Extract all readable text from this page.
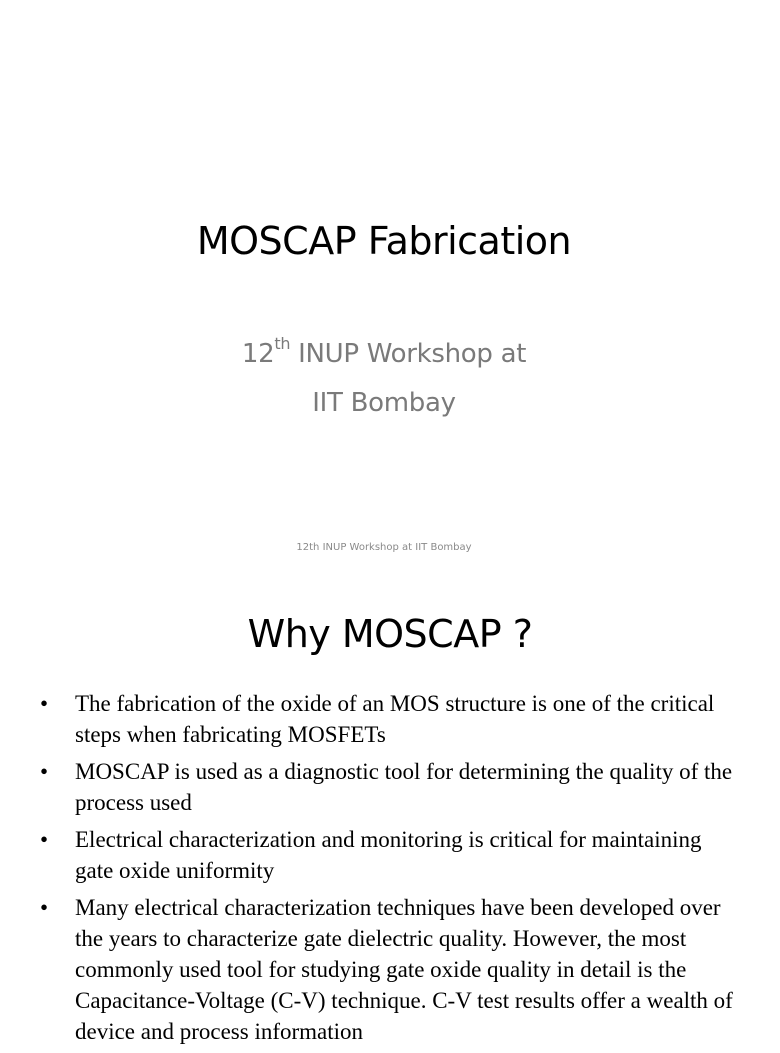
MOSCAP Fabrication
12th INUP Workshop at
IIT Bombay
12th INUP Workshop at IIT Bombay
Why MOSCAP ?
•	The fabrication of the oxide of an MOS structure is one of the critical steps when fabricating MOSFETs
•	MOSCAP is used as a diagnostic tool for determining the quality of the process used
•	Electrical characterization and monitoring is critical for maintaining gate oxide uniformity
•	Many electrical characterization techniques have been developed over the years to characterize gate dielectric quality. However, the most commonly used tool for studying gate oxide quality in detail is the Capacitance-Voltage (C-V) technique. C-V test results offer a wealth of device and process information
